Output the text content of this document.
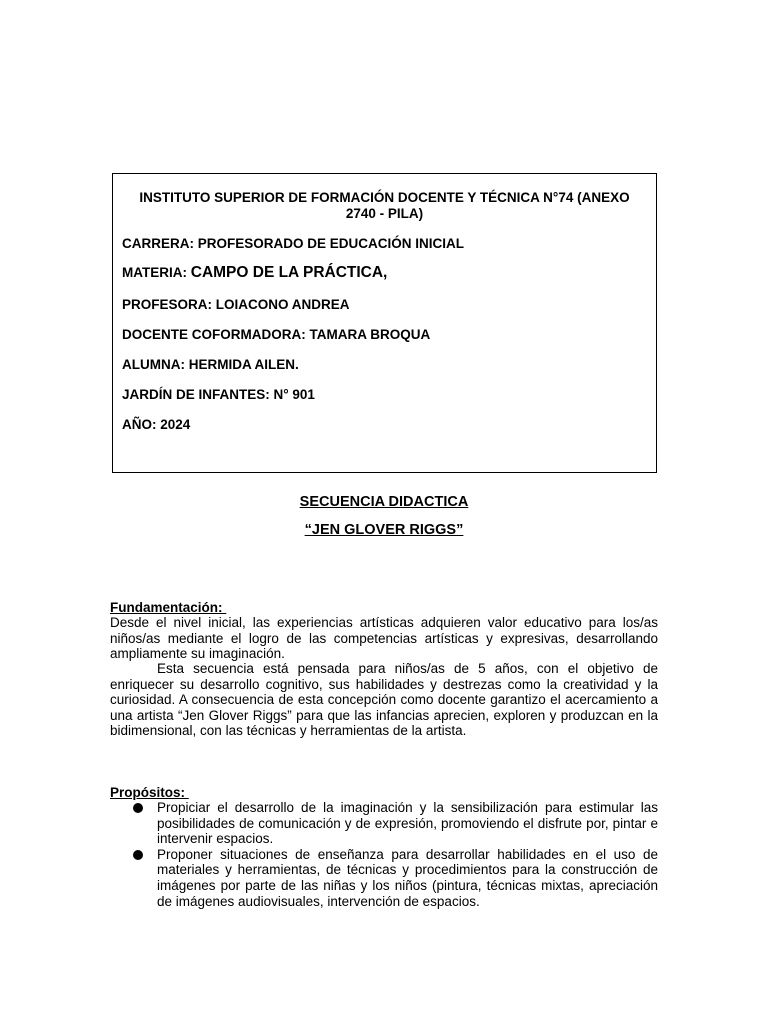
INSTITUTO SUPERIOR DE FORMACIÓN DOCENTE Y TÉCNICA N°74 (ANEXO 2740 - PILA)
CARRERA: PROFESORADO DE EDUCACIÓN INICIAL
MATERIA: CAMPO DE LA PRÁCTICA,
PROFESORA: LOIACONO ANDREA
DOCENTE COFORMADORA: TAMARA BROQUA
ALUMNA: HERMIDA AILEN.
JARDÍN DE INFANTES: N° 901
AÑO: 2024
SECUENCIA DIDACTICA
“JEN GLOVER RIGGS”
Fundamentación:
Desde el nivel inicial, las experiencias artísticas adquieren valor educativo para los/as niños/as mediante el logro de las competencias artísticas y expresivas, desarrollando ampliamente su imaginación.
Esta secuencia está pensada para niños/as de 5 años, con el objetivo de enriquecer su desarrollo cognitivo, sus habilidades y destrezas como la creatividad y la curiosidad. A consecuencia de esta concepción como docente garantizo el acercamiento a una artista “Jen Glover Riggs” para que las infancias aprecien, exploren y produzcan en la bidimensional, con las técnicas y herramientas de la artista.
Propósitos:
Propiciar el desarrollo de la imaginación y la sensibilización para estimular las posibilidades de comunicación y de expresión, promoviendo el disfrute por, pintar e intervenir espacios.
Proponer situaciones de enseñanza para desarrollar habilidades en el uso de materiales y herramientas, de técnicas y procedimientos para la construcción de imágenes por parte de las niñas y los niños (pintura, técnicas mixtas, apreciación de imágenes audiovisuales, intervención de espacios.
